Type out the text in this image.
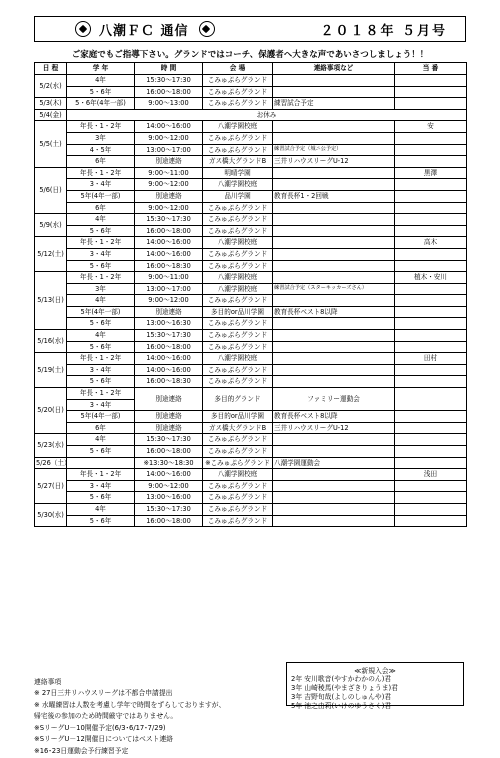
八潮ＦＣ 通信	２０１８年 ５月号
ご家庭でもご指導下さい。グランドではコーチ、保護者へ大きな声であいさつしましょう！！
日 程	学 年	時 間	会 場	連絡事項など	当 番
5/2(水)	4年	15:30～17:30	こみゅぷらグランド		
	5・6年	16:00～18:00	こみゅぷらグランド		
5/3(木)	5・6年(4年一部)	9:00～13:00	こみゅぷらグランド	練習試合予定	
5/4(金)	お休み				
5/5(土)	年長・1・2年	14:00～16:00	八潮学園校庭		安
	3年	9:00～12:00	こみゅぷらグランド		
	4・5年	13:00～17:00	こみゅぷらグランド	練習試合予定（城ニ公予定）	
	6年	別途連絡	ガス橋大グランドB	三井リハウスリーグU-12	
5/6(日)	年長・1・2年	9:00～11:00	明晴学園		黒澤
	3・4年	9:00～12:00	八潮学園校庭		
	5年(4年一部)	別途連絡	品川学園	教育長杯1・2回戦	
	6年	9:00～12:00	こみゅぷらグランド		
5/9(水)	4年	15:30～17:30	こみゅぷらグランド		
	5・6年	16:00～18:00	こみゅぷらグランド		
5/12(土)	年長・1・2年	14:00～16:00	八潮学園校庭		高木
	3・4年	14:00～16:00	こみゅぷらグランド		
	5・6年	16:00～18:30	こみゅぷらグランド		
5/13(日)	年長・1・2年	9:00～11:00	八潮学園校庭		植木・安川
	3年	13:00～17:00	八潮学園校庭	練習試合予定（スターキッカーズさん）	
	4年	9:00～12:00	こみゅぷらグランド		
	5年(4年一部)	別途連絡	多目的or品川学園	教育長杯ベスト8以降	
	5・6年	13:00～16:30	こみゅぷらグランド		
5/16(水)	4年	15:30～17:30	こみゅぷらグランド		
	5・6年	16:00～18:00	こみゅぷらグランド		
5/19(土)	年長・1・2年	14:00～16:00	八潮学園校庭		田村
	3・4年	14:00～16:00	こみゅぷらグランド		
	5・6年	16:00～18:30	こみゅぷらグランド		
5/20(日)	年長・1・2年	別途連絡	多目的グランド	ファミリー運動会	
	3・4年				
	5年(4年一部)	別途連絡	多目的or品川学園	教育長杯ベスト8以降	
	6年	別途連絡	ガス橋大グランドB	三井リハウスリーグU-12	
5/23(水)	4年	15:30～17:30	こみゅぷらグランド		
	5・6年	16:00～18:00	こみゅぷらグランド		
5/26（土）		※13:30～18:30	※こみゅぷらグランド	八潮学園運動会	
5/27(日)	年長・1・2年	14:00～16:00	八潮学園校庭		浅田
	3・4年	9:00～12:00	こみゅぷらグランド		
	5・6年	13:00～16:00	こみゅぷらグランド		
5/30(水)	4年	15:30～17:30	こみゅぷらグランド		
	5・6年	16:00～18:00	こみゅぷらグランド		
連絡事項
※ 27日三井リハウスリーグは不都合申請提出
※ 水曜練習は人数を考慮し学年で時間をずらしておりますが、
帰宅後の参加のため時間厳守ではありません。
※SリーグU－10開催予定(6/3･6/17･7/29)
※SリーグU－12開催日についてはベスト連絡
※16･23日運動会予行練習予定
≪新規入会≫
2年 安川歌音(やすかわかのん)君
3年 山崎稜馬(やまざきりょうま)君
3年 吉野旬哉(よしのしゅんや)君
5年 池之由莉(いけのゆうさく)君
